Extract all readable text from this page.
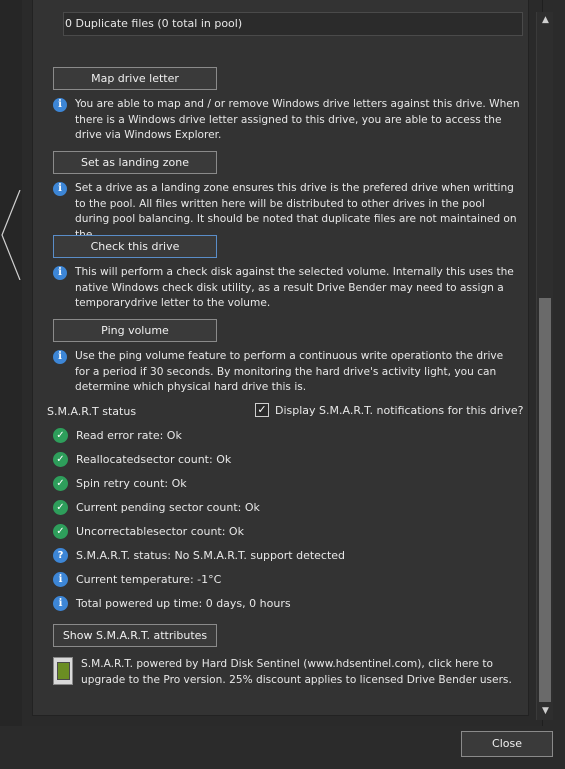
0 Duplicate files (0 total in pool)
Map drive letter
i	You are able to map and / or remove Windows drive letters against this drive. When there is a Windows drive letter assigned to this drive, you are able to access the drive via Windows Explorer.
Set as landing zone
i	Set a drive as a landing zone ensures this drive is the prefered drive when writting to the pool. All files written here will be distributed to other drives in the pool during pool balancing. It should be noted that duplicate files are not maintained on
Check this drive
i	This will perform a check disk against the selected volume. Internally this uses the native Windows check disk utility, as a result Drive Bender may need to assign a temporarydrive letter to the volume.
Ping volume
i	Use the ping volume feature to perform a continuous write operationto the drive for a period if 30 seconds. By monitoring the hard drive's activity light, you can determine which physical hard drive this is.
S.M.A.R.T status	✓ Display S.M.A.R.T. notifications for this drive?
✓	Read error rate: Ok
✓	Reallocatedsector count: Ok
✓	Spin retry count: Ok
✓	Current pending sector count: Ok
✓	Uncorrectablesector count: Ok
?	S.M.A.R.T. status: No S.M.A.R.T. support detected
i	Current temperature: -1°C
i	Total powered up time: 0 days, 0 hours
Show S.M.A.R.T. attributes
S.M.A.R.T. powered by Hard Disk Sentinel (www.hdsentinel.com), click here to upgrade to the Pro version. 25% discount applies to licensed Drive Bender users.
▲
▼
Close
